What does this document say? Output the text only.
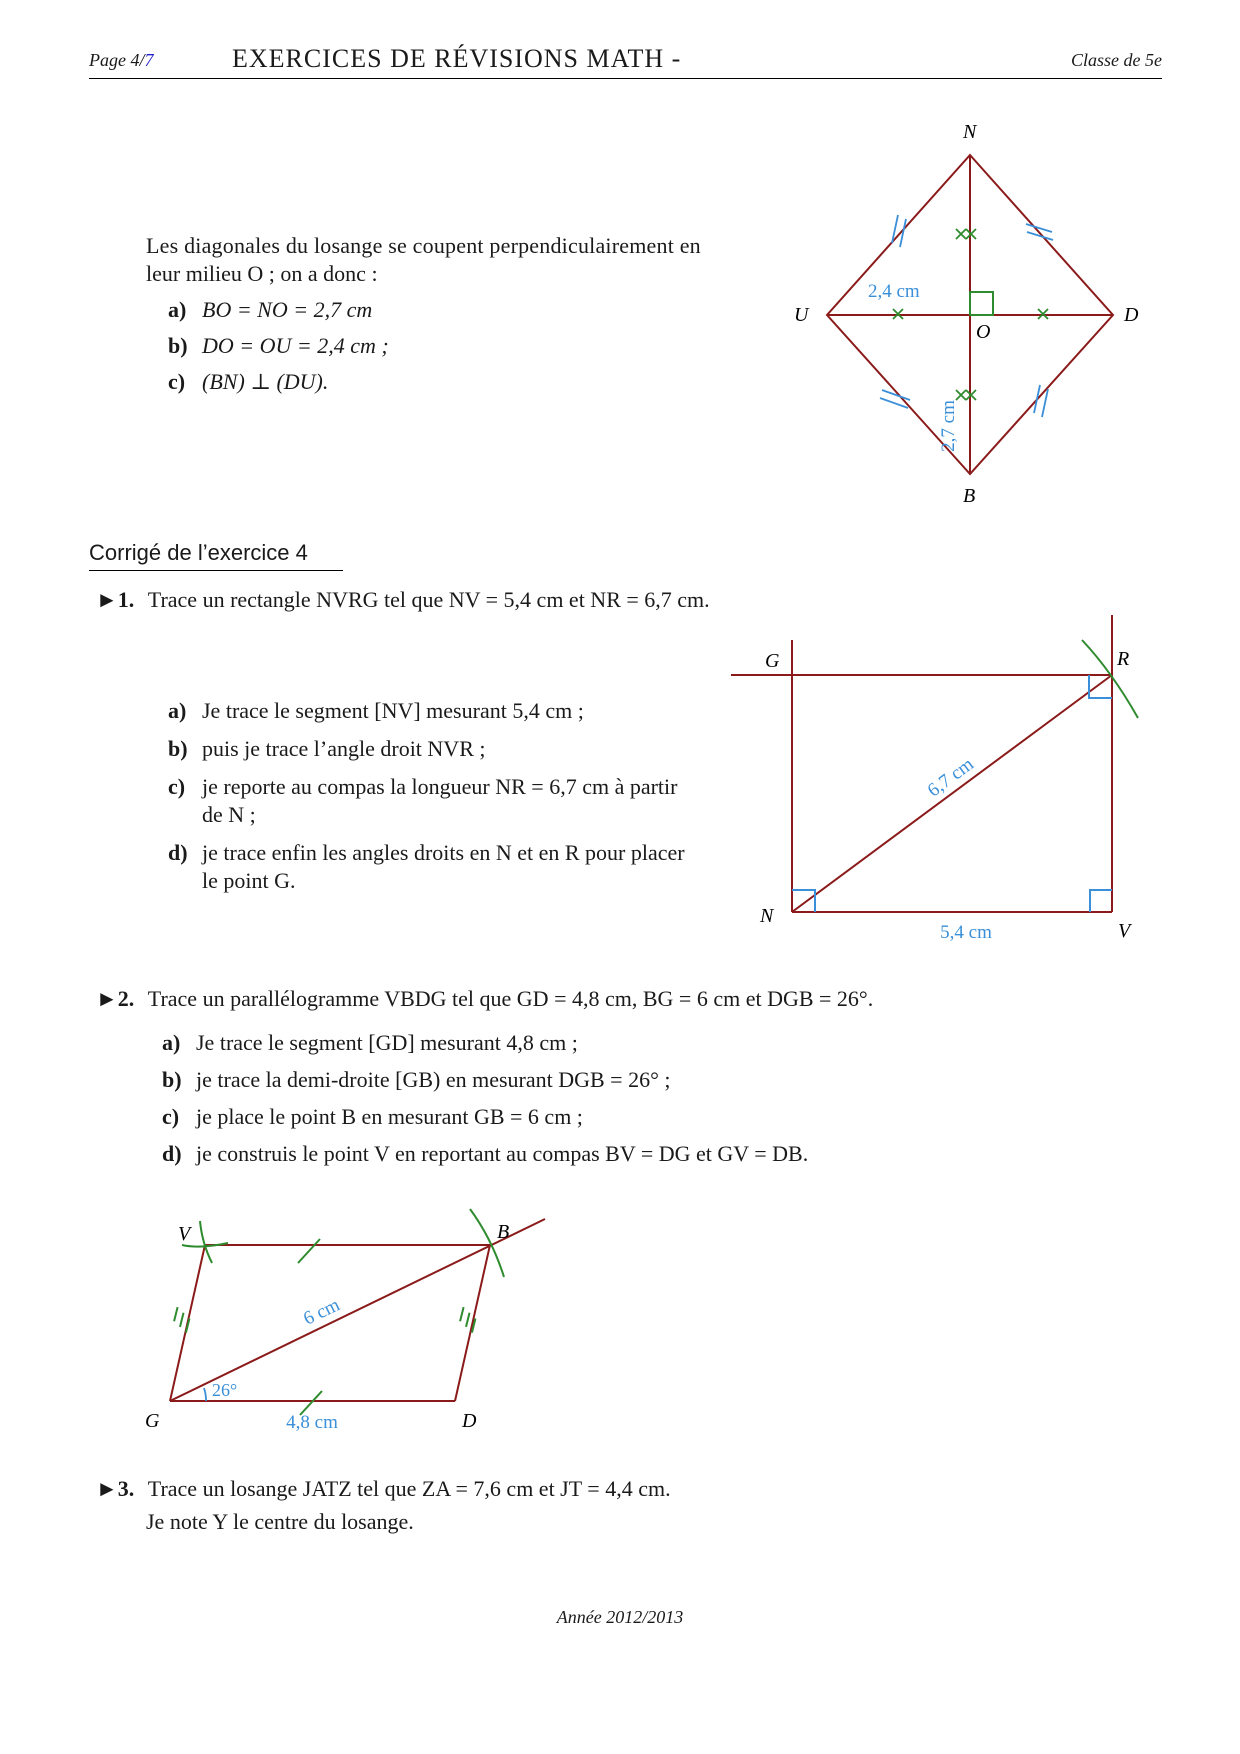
Page 4/7	EXERCICES DE RÉVISIONS MATH -	Classe de 5e
Les diagonales du losange se coupent perpendiculairement en
leur milieu O ; on a donc :
a) BO = NO = 2,7 cm
b) DO = OU = 2,4 cm ;
c) (BN) ⊥ (DU).
N
U	D
B
O
2,4 cm
2,7 cm
Corrigé de l’exercice 4
►1. Trace un rectangle NVRG tel que NV = 5,4 cm et NR = 6,7 cm.
a) Je trace le segment [NV] mesurant 5,4 cm ;
b) puis je trace l’angle droit NVR ;
c) je reporte au compas la longueur NR = 6,7 cm à partir
de N ;
d) je trace enfin les angles droits en N et en R pour placer
le point G.
G	R
N
V
6,7 cm
5,4 cm
►2. Trace un parallélogramme VBDG tel que GD = 4,8 cm, BG = 6 cm et DGB = 26°.
a) Je trace le segment [GD] mesurant 4,8 cm ;
b) je trace la demi-droite [GB) en mesurant DGB = 26° ;
c) je place le point B en mesurant GB = 6 cm ;
d) je construis le point V en reportant au compas BV = DG et GV = DB.
V	B
G	D
6 cm
26°
4,8 cm
►3. Trace un losange JATZ tel que ZA = 7,6 cm et JT = 4,4 cm.
Je note Y le centre du losange.
Année 2012/2013
